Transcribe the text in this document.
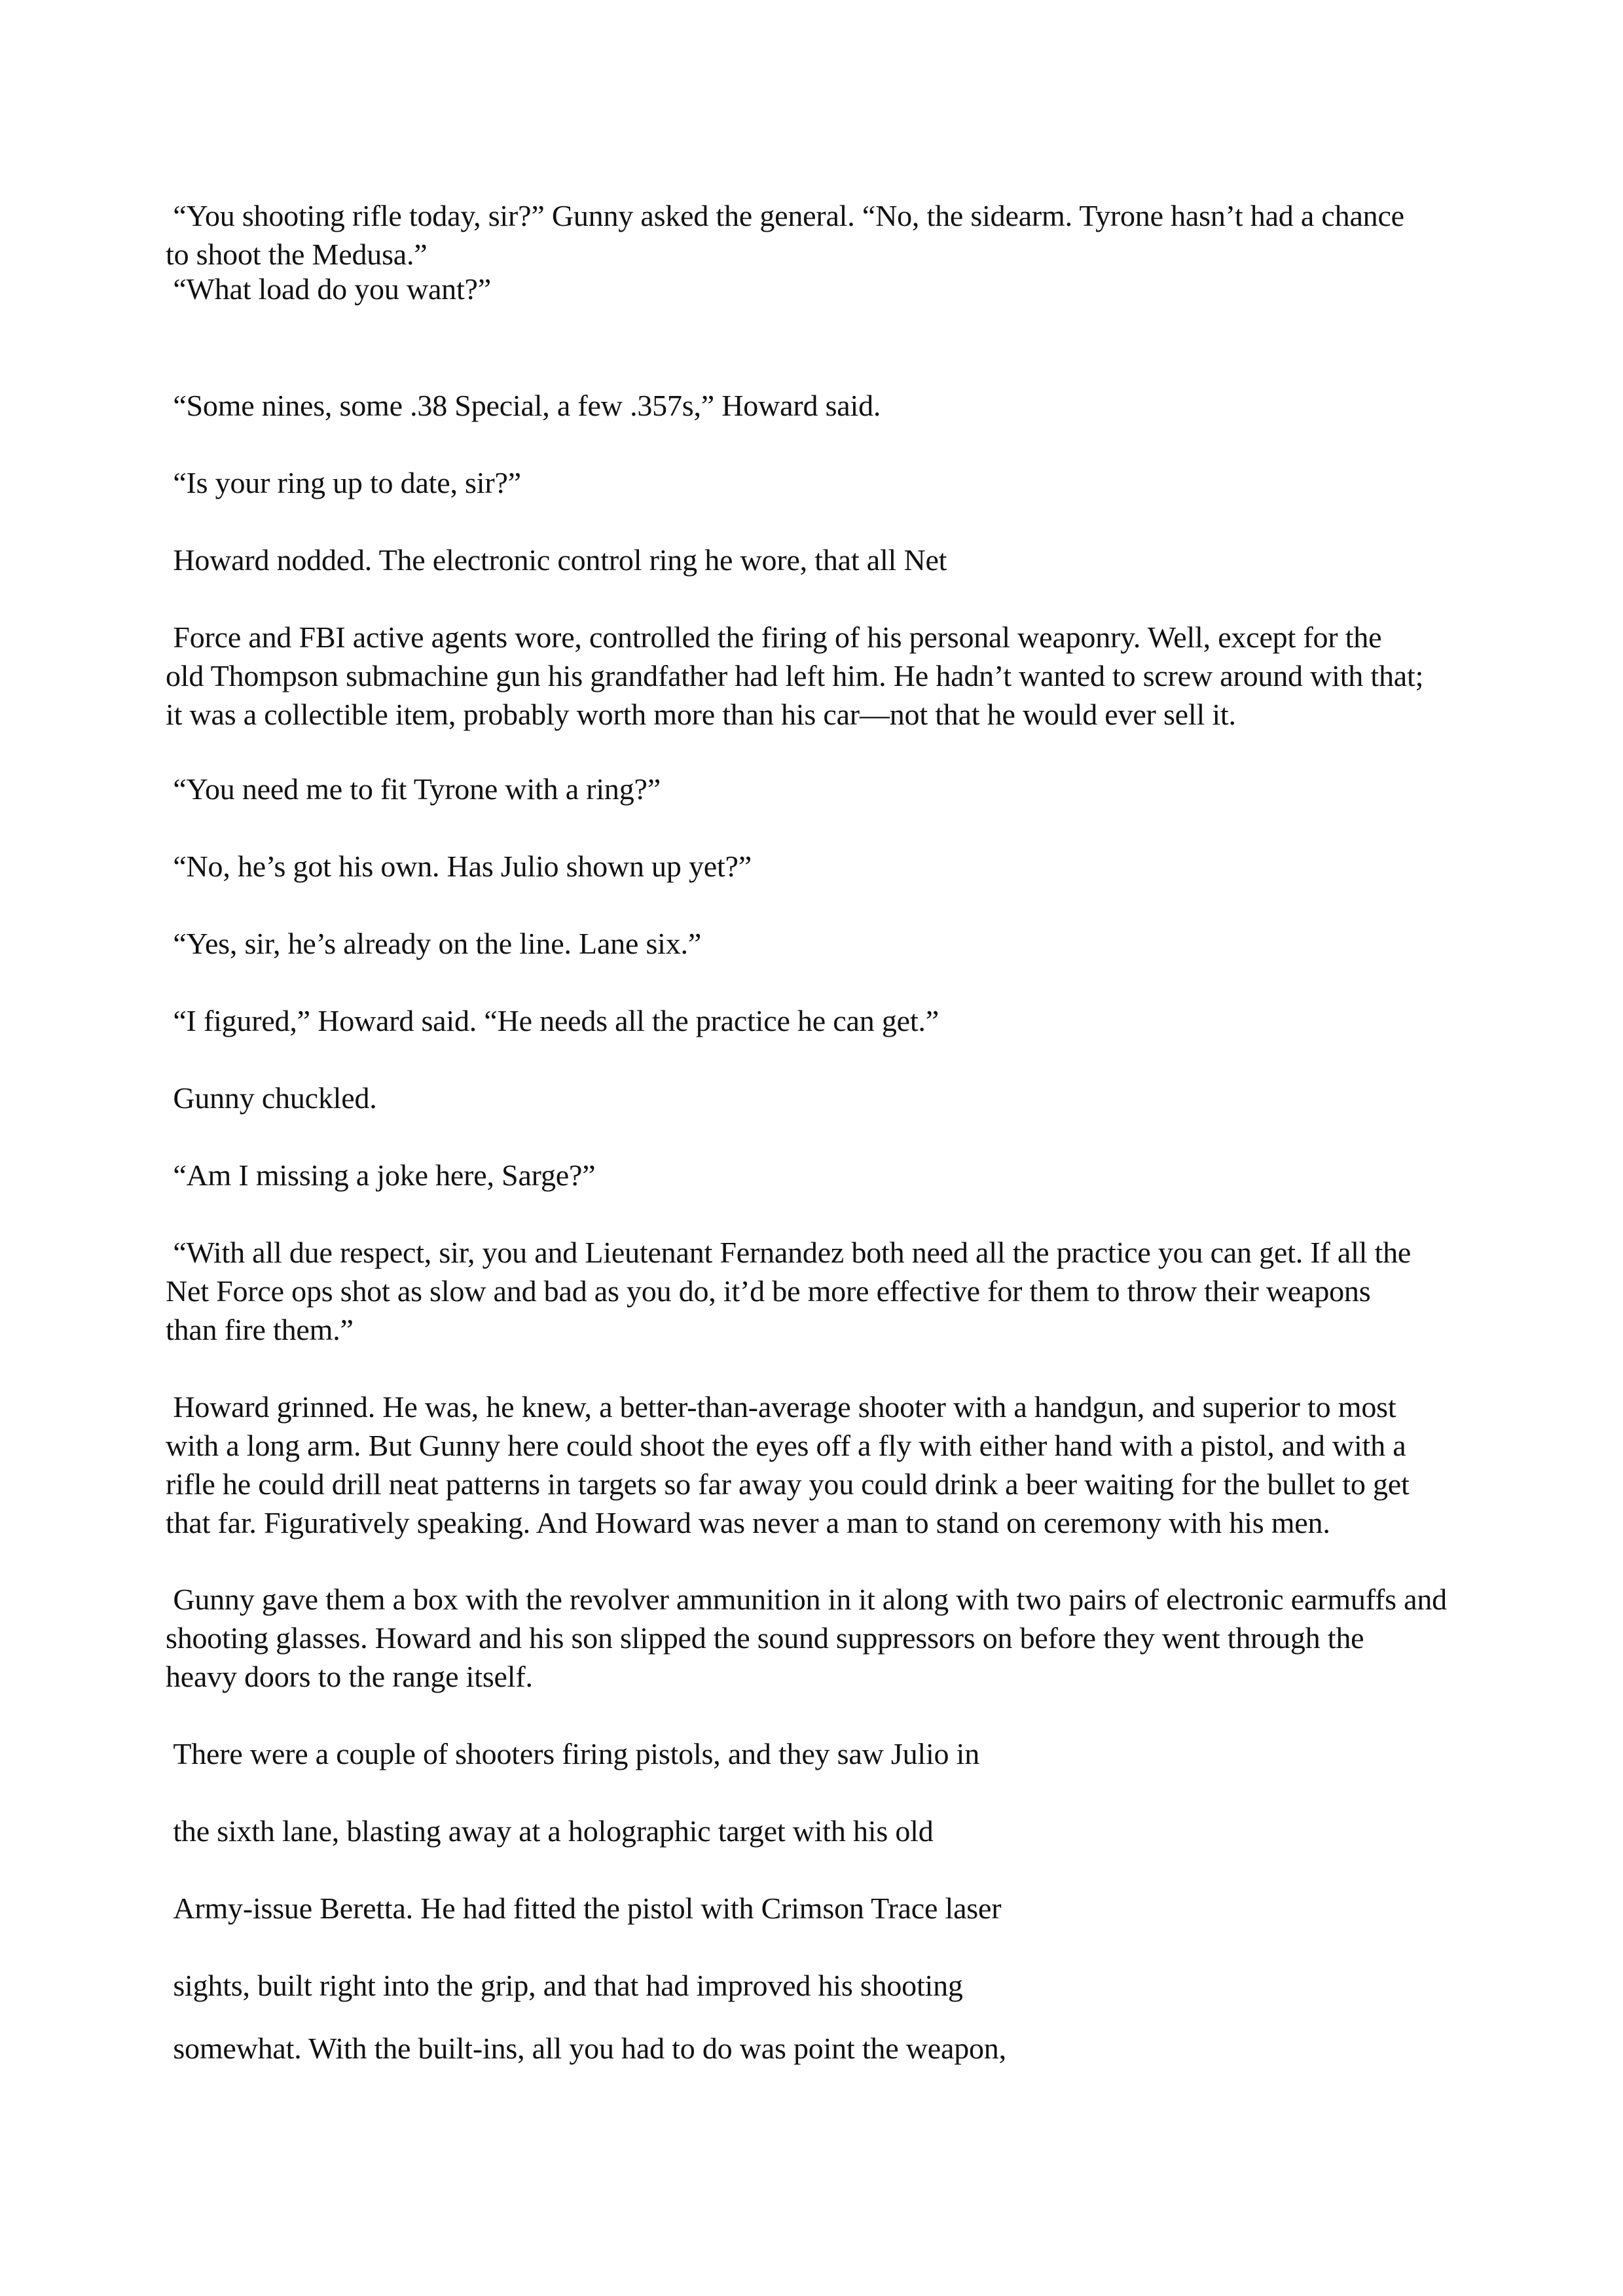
“You shooting rifle today, sir?” Gunny asked the general. “No, the sidearm. Tyrone hasn’t had a chance
to shoot the Medusa.”

“What load do you want?”

“Some nines, some .38 Special, a few .357s,” Howard said.

“Is your ring up to date, sir?”

Howard nodded. The electronic control ring he wore, that all Net

Force and FBI active agents wore, controlled the firing of his personal weaponry. Well, except for the
old Thompson submachine gun his grandfather had left him. He hadn’t wanted to screw around with that;
it was a collectible item, probably worth more than his car—not that he would ever sell it.

“You need me to fit Tyrone with a ring?”

“No, he’s got his own. Has Julio shown up yet?”

“Yes, sir, he’s already on the line. Lane six.”

“I figured,” Howard said. “He needs all the practice he can get.”

Gunny chuckled.

“Am I missing a joke here, Sarge?”

“With all due respect, sir, you and Lieutenant Fernandez both need all the practice you can get. If all the
Net Force ops shot as slow and bad as you do, it’d be more effective for them to throw their weapons
than fire them.”

Howard grinned. He was, he knew, a better-than-average shooter with a handgun, and superior to most
with a long arm. But Gunny here could shoot the eyes off a fly with either hand with a pistol, and with a
rifle he could drill neat patterns in targets so far away you could drink a beer waiting for the bullet to get
that far. Figuratively speaking. And Howard was never a man to stand on ceremony with his men.

Gunny gave them a box with the revolver ammunition in it along with two pairs of electronic earmuffs and
shooting glasses. Howard and his son slipped the sound suppressors on before they went through the
heavy doors to the range itself.

There were a couple of shooters firing pistols, and they saw Julio in

the sixth lane, blasting away at a holographic target with his old

Army-issue Beretta. He had fitted the pistol with Crimson Trace laser

sights, built right into the grip, and that had improved his shooting

somewhat. With the built-ins, all you had to do was point the weapon,
